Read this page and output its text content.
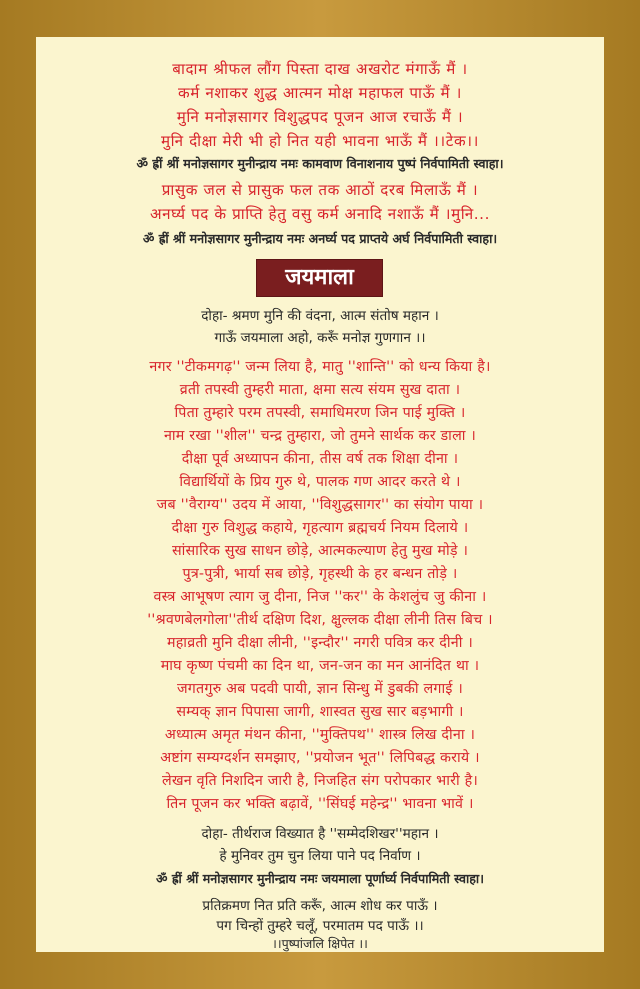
बादाम श्रीफल लौंग पिस्ता दाख अखरोट मंगाऊँ मैं ।
कर्म नशाकर शुद्ध आत्मन मोक्ष महाफल पाऊँ मैं ।
मुनि मनोज्ञसागर विशुद्धपद पूजन आज रचाऊँ मैं ।
मुनि दीक्षा मेरी भी हो नित यही भावना भाऊँ मैं ।।टेक।।
ॐ ह्रीं श्रीं मनोज्ञसागर मुनीन्द्राय नमः कामवाण विनाशनाय पुष्पं निर्वपामिती स्वाहा।
प्रासुक जल से प्रासुक फल तक आठों दरब मिलाऊँ मैं ।
अनर्घ्य पद के प्राप्ति हेतु वसु कर्म अनादि नशाऊँ मैं ।मुनि...
ॐ ह्रीं श्रीं मनोज्ञसागर मुनीन्द्राय नमः अनर्घ्य पद प्राप्तये अर्घ निर्वपामिती स्वाहा।
जयमाला
दोहा- श्रमण मुनि की वंदना, आत्म संतोष महान ।
गाऊँ जयमाला अहो, करूँ मनोज्ञ गुणगान ।।
नगर ''टीकमगढ़'' जन्म लिया है, मातु ''शान्ति'' को धन्य किया है।
व्रती तपस्वी तुम्हरी माता, क्षमा सत्य संयम सुख दाता ।
पिता तुम्हारे परम तपस्वी, समाधिमरण जिन पाई मुक्ति ।
नाम रखा ''शील'' चन्द्र तुम्हारा, जो तुमने सार्थक कर डाला ।
दीक्षा पूर्व अध्यापन कीना, तीस वर्ष तक शिक्षा दीना ।
विद्यार्थियों के प्रिय गुरु थे, पालक गण आदर करते थे ।
जब ''वैराग्य'' उदय में आया, ''विशुद्धसागर'' का संयोग पाया ।
दीक्षा गुरु विशुद्ध कहाये, गृहत्याग ब्रह्मचर्य नियम दिलाये ।
सांसारिक सुख साधन छोड़े, आत्मकल्याण हेतु मुख मोड़े ।
पुत्र-पुत्री, भार्या सब छोड़े, गृहस्थी के हर बन्धन तोड़े ।
वस्त्र आभूषण त्याग जु दीना, निज ''कर'' के केशलुंच जु कीना ।
''श्रवणबेलगोला''तीर्थ दक्षिण दिश, क्षुल्लक दीक्षा लीनी तिस बिच ।
महाव्रती मुनि दीक्षा लीनी, ''इन्दौर'' नगरी पवित्र कर दीनी ।
माघ कृष्ण पंचमी का दिन था, जन-जन का मन आनंदित था ।
जगतगुरु अब पदवी पायी, ज्ञान सिन्धु में डुबकी लगाई ।
सम्यक् ज्ञान पिपासा जागी, शास्वत सुख सार बड़भागी ।
अध्यात्म अमृत मंथन कीना, ''मुक्तिपथ'' शास्त्र लिख दीना ।
अष्टांग सम्यग्दर्शन समझाए, ''प्रयोजन भूत'' लिपिबद्ध कराये ।
लेखन वृति निशदिन जारी है, निजहित संग परोपकार भारी है।
तिन पूजन कर भक्ति बढ़ावें, ''सिंघई महेन्द्र'' भावना भावें ।
दोहा- तीर्थराज विख्यात है ''सम्मेदशिखर''महान ।
हे मुनिवर तुम चुन लिया पाने पद निर्वाण ।
ॐ ह्रीं श्रीं मनोज्ञसागर मुनीन्द्राय नमः जयमाला पूर्णार्घ्य निर्वपामिती स्वाहा।
प्रतिक्रमण नित प्रति करूँ, आत्म शोध कर पाऊँ ।
पग चिन्हों तुम्हरे चलूँ, परमातम पद पाऊँ ।।
।।पुष्पांजलि क्षिपेत ।।
